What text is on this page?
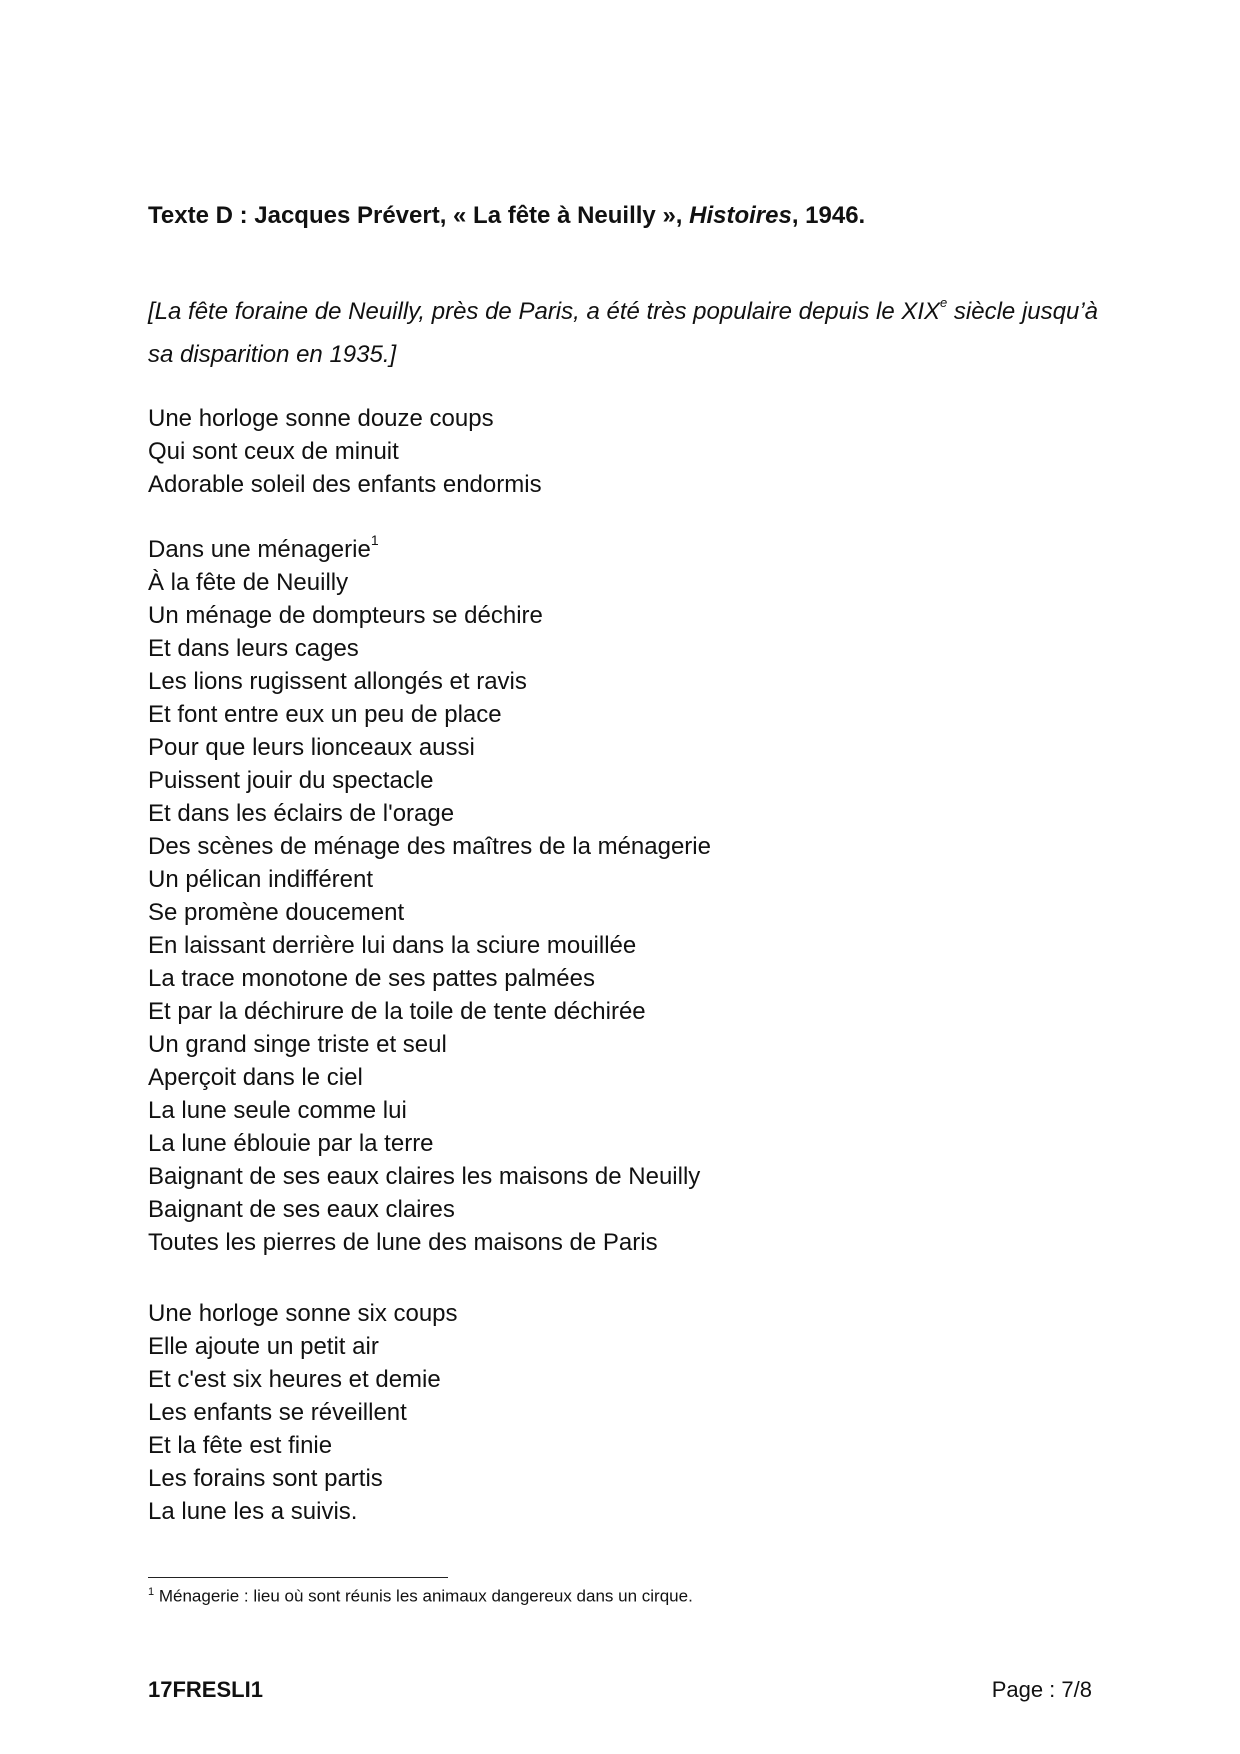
Texte D : Jacques Prévert, « La fête à Neuilly », Histoires, 1946.

[La fête foraine de Neuilly, près de Paris, a été très populaire depuis le XIXe siècle jusqu’à sa disparition en 1935.]

Une horloge sonne douze coups
Qui sont ceux de minuit
Adorable soleil des enfants endormis
Dans une ménagerie$^1$
À la fête de Neuilly
Un ménage de dompteurs se déchire
Et dans leurs cages
Les lions rugissent allongés et ravis
Et font entre eux un peu de place
Pour que leurs lionceaux aussi
Puissent jouir du spectacle
Et dans les éclairs de l'orage
Des scènes de ménage des maîtres de la ménagerie
Un pélican indifférent
Se promène doucement
En laissant derrière lui dans la sciure mouillée
La trace monotone de ses pattes palmées
Et par la déchirure de la toile de tente déchirée
Un grand singe triste et seul
Aperçoit dans le ciel
La lune seule comme lui
La lune éblouie par la terre
Baignant de ses eaux claires les maisons de Neuilly
Baignant de ses eaux claires
Toutes les pierres de lune des maisons de Paris
Une horloge sonne six coups
Elle ajoute un petit air
Et c'est six heures et demie
Les enfants se réveillent
Et la fête est finie
Les forains sont partis
La lune les a suivis.

$^1$ Ménagerie : lieu où sont réunis les animaux dangereux dans un cirque.

17FRESLI1	Page : 7/8
